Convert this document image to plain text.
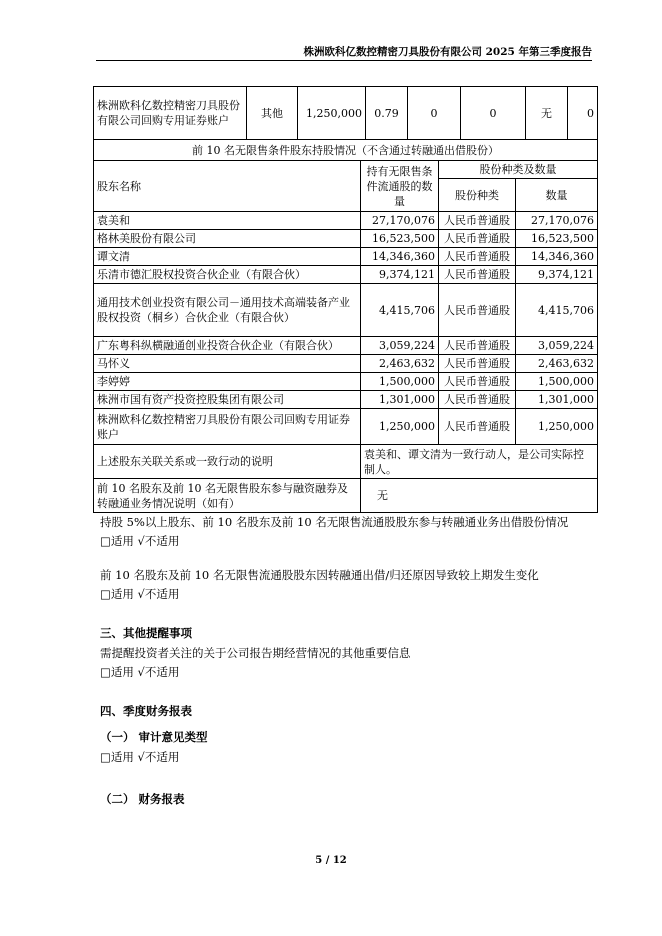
株洲欧科亿数控精密刀具股份有限公司 2025 年第三季度报告
株洲欧科亿数控精密刀具股份有限公司回购专用证券账户	其他	1,250,000	0.79	0	0	无	0
前 10 名无限售条件股东持股情况（不含通过转融通出借股份）			
股东名称	持有无限售条件流通股的数量	股份种类及数量	
		股份种类	数量
袁美和	27,170,076	人民币普通股	27,170,076
格林美股份有限公司	16,523,500	人民币普通股	16,523,500
谭文清	14,346,360	人民币普通股	14,346,360
乐清市德汇股权投资合伙企业（有限合伙）	9,374,121	人民币普通股	9,374,121
通用技术创业投资有限公司－通用技术高端装备产业股权投资（桐乡）合伙企业（有限合伙）	4,415,706	人民币普通股	4,415,706
广东粤科纵横融通创业投资合伙企业（有限合伙）	3,059,224	人民币普通股	3,059,224
马怀义	2,463,632	人民币普通股	2,463,632
李婷婷	1,500,000	人民币普通股	1,500,000
株洲市国有资产投资控股集团有限公司	1,301,000	人民币普通股	1,301,000
株洲欧科亿数控精密刀具股份有限公司回购专用证券账户	1,250,000	人民币普通股	1,250,000
上述股东关联关系或一致行动的说明	袁美和、谭文清为一致行动人，是公司实际控制人。		
前 10 名股东及前 10 名无限售股东参与融资融券及转融通业务情况说明（如有）	无		
持股 5%以上股东、前 10 名股东及前 10 名无限售流通股股东参与转融通业务出借股份情况
□适用 √不适用
前 10 名股东及前 10 名无限售流通股股东因转融通出借/归还原因导致较上期发生变化
□适用 √不适用
三、其他提醒事项
需提醒投资者关注的关于公司报告期经营情况的其他重要信息
□适用 √不适用
四、季度财务报表
（一） 审计意见类型
□适用 √不适用
（二） 财务报表
5 / 12
